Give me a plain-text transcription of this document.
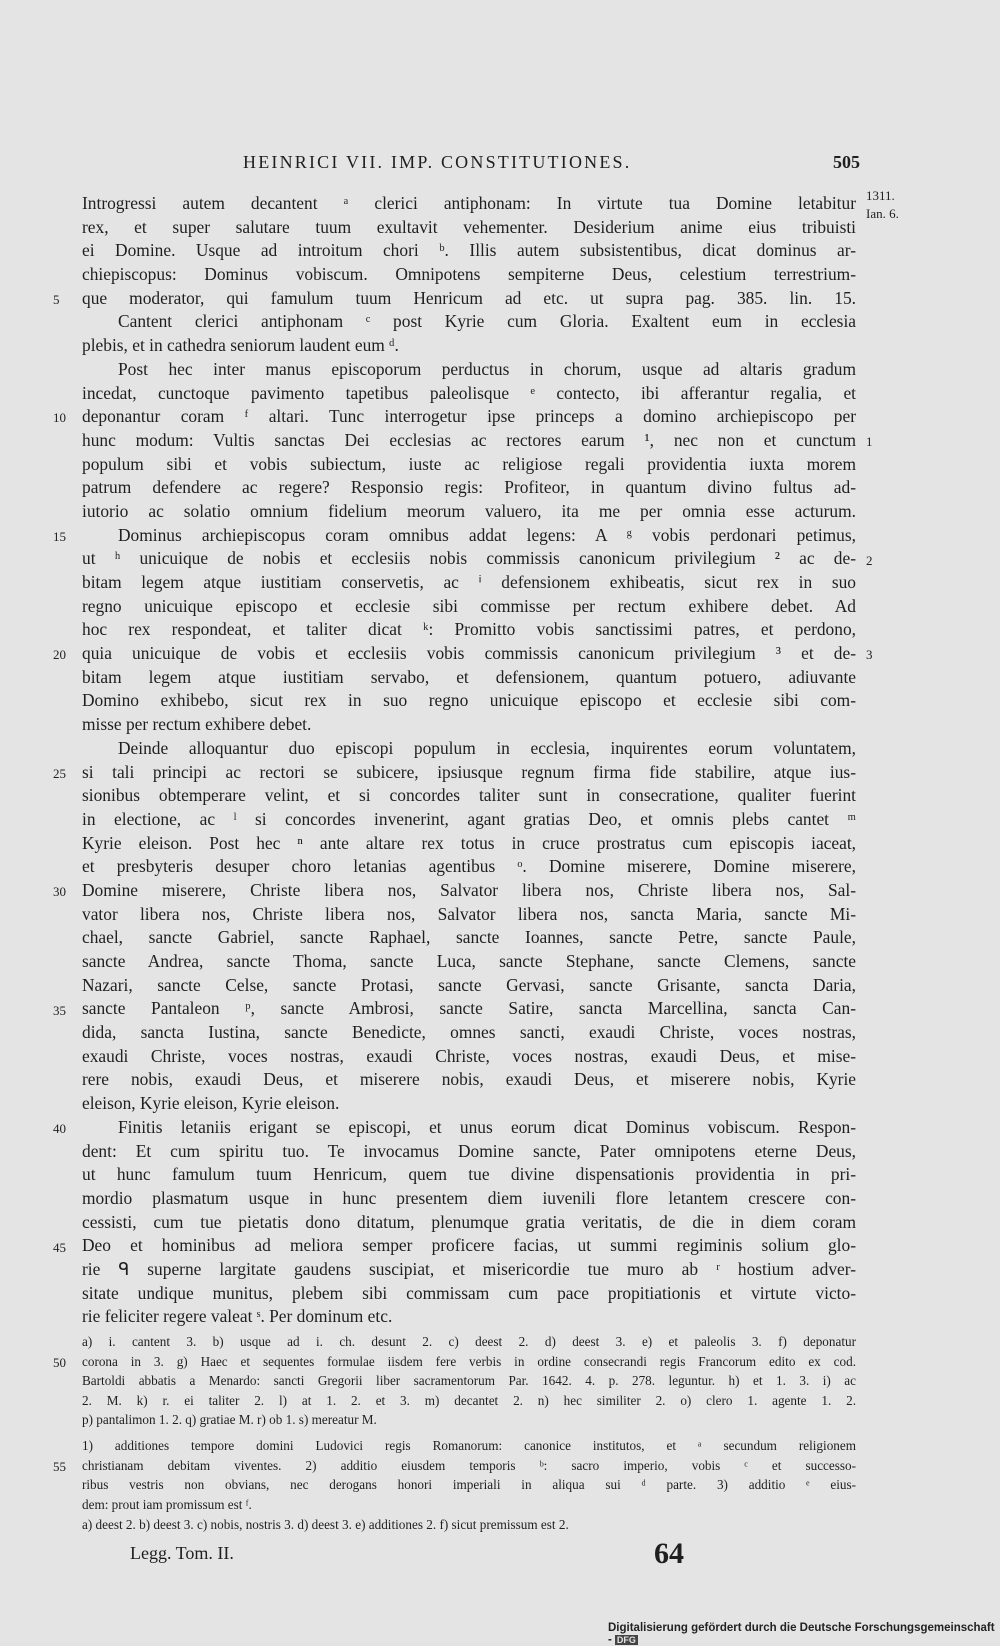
HEINRICI VII. IMP. CONSTITUTIONES.	505
Introgressi autem decantent ᵃ clerici antiphonam: In virtute tua Domine letabitur
rex, et super salutare tuum exultavit vehementer. Desiderium anime eius tribuisti
ei Domine. Usque ad introitum chori ᵇ. Illis autem subsistentibus, dicat dominus ar-
chiepiscopus: Dominus vobiscum. Omnipotens sempiterne Deus, celestium terrestrium-
que moderator, qui famulum tuum Henricum ad etc. ut supra pag. 385. lin. 15.
Cantent clerici antiphonam ᶜ post Kyrie cum Gloria. Exaltent eum in ecclesia
plebis, et in cathedra seniorum laudent eum ᵈ.
Post hec inter manus episcoporum perductus in chorum, usque ad altaris gradum
incedat, cunctoque pavimento tapetibus paleolisque ᵉ contecto, ibi afferantur regalia, et
deponantur coram ᶠ altari. Tunc interrogetur ipse princeps a domino archiepiscopo per
hunc modum: Vultis sanctas Dei ecclesias ac rectores earum ¹, nec non et cunctum
populum sibi et vobis subiectum, iuste ac religiose regali providentia iuxta morem
patrum defendere ac regere? Responsio regis: Profiteor, in quantum divino fultus ad-
iutorio ac solatio omnium fidelium meorum valuero, ita me per omnia esse acturum.
Dominus archiepiscopus coram omnibus addat legens: A ᵍ vobis perdonari petimus,
ut ʰ unicuique de nobis et ecclesiis nobis commissis canonicum privilegium ² ac de-
bitam legem atque iustitiam conservetis, ac ⁱ defensionem exhibeatis, sicut rex in suo
regno unicuique episcopo et ecclesie sibi commisse per rectum exhibere debet. Ad
hoc rex respondeat, et taliter dicat ᵏ: Promitto vobis sanctissimi patres, et perdono,
quia unicuique de vobis et ecclesiis vobis commissis canonicum privilegium ³ et de-
bitam legem atque iustitiam servabo, et defensionem, quantum potuero, adiuvante
Domino exhibebo, sicut rex in suo regno unicuique episcopo et ecclesie sibi com-
misse per rectum exhibere debet.
Deinde alloquantur duo episcopi populum in ecclesia, inquirentes eorum voluntatem,
si tali principi ac rectori se subicere, ipsiusque regnum firma fide stabilire, atque ius-
sionibus obtemperare velint, et si concordes taliter sunt in consecratione, qualiter fuerint
in electione, ac ˡ si concordes invenerint, agant gratias Deo, et omnis plebs cantet ᵐ
Kyrie eleison. Post hec ⁿ ante altare rex totus in cruce prostratus cum episcopis iaceat,
et presbyteris desuper choro letanias agentibus ᵒ. Domine miserere, Domine miserere,
Domine miserere, Christe libera nos, Salvator libera nos, Christe libera nos, Sal-
vator libera nos, Christe libera nos, Salvator libera nos, sancta Maria, sancte Mi-
chael, sancte Gabriel, sancte Raphael, sancte Ioannes, sancte Petre, sancte Paule,
sancte Andrea, sancte Thoma, sancte Luca, sancte Stephane, sancte Clemens, sancte
Nazari, sancte Celse, sancte Protasi, sancte Gervasi, sancte Grisante, sancta Daria,
sancte Pantaleon ᵖ, sancte Ambrosi, sancte Satire, sancta Marcellina, sancta Can-
dida, sancta Iustina, sancte Benedicte, omnes sancti, exaudi Christe, voces nostras,
exaudi Christe, voces nostras, exaudi Christe, voces nostras, exaudi Deus, et mise-
rere nobis, exaudi Deus, et miserere nobis, exaudi Deus, et miserere nobis, Kyrie
eleison, Kyrie eleison, Kyrie eleison.
Finitis letaniis erigant se episcopi, et unus eorum dicat Dominus vobiscum. Respon-
dent: Et cum spiritu tuo. Te invocamus Domine sancte, Pater omnipotens eterne Deus,
ut hunc famulum tuum Henricum, quem tue divine dispensationis providentia in pri-
mordio plasmatum usque in hunc presentem diem iuvenili flore letantem crescere con-
cessisti, cum tue pietatis dono ditatum, plenumque gratia veritatis, de die in diem coram
Deo et hominibus ad meliora semper proficere facias, ut summi regiminis solium glo-
rie ᑫ superne largitate gaudens suscipiat, et misericordie tue muro ab ʳ hostium adver-
sitate undique munitus, plebem sibi commissam cum pace propitiationis et virtute victo-
rie feliciter regere valeat ˢ. Per dominum etc.
5
10
15
20
25
30
35
40
45
50
55
1
2
3
1311.
Ian. 6.
a) i. cantent 3. b) usque ad i. ch. desunt 2. c) deest 2. d) deest 3. e) et paleolis 3. f) deponatur
corona in 3. g) Haec et sequentes formulae iisdem fere verbis in ordine consecrandi regis Francorum edito ex cod.
Bartoldi abbatis a Menardo: sancti Gregorii liber sacramentorum Par. 1642. 4. p. 278. leguntur. h) et 1. 3. i) ac
2. M. k) r. ei taliter 2. l) at 1. 2. et 3. m) decantet 2. n) hec similiter 2. o) clero 1. agente 1. 2.
p) pantalimon 1. 2. q) gratiae M. r) ob 1. s) mereatur M.
1) additiones tempore domini Ludovici regis Romanorum: canonice institutos, et ᵃ secundum religionem
christianam debitam viventes. 2) additio eiusdem temporis ᵇ: sacro imperio, vobis ᶜ et successo-
ribus vestris non obvians, nec derogans honori imperiali in aliqua sui ᵈ parte. 3) additio ᵉ eius-
dem: prout iam promissum est ᶠ.
a) deest 2. b) deest 3. c) nobis, nostris 3. d) deest 3. e) additiones 2. f) sicut premissum est 2.
Legg. Tom. II.	64
Digitalisierung gefördert durch die Deutsche Forschungsgemeinschaft - DFG
